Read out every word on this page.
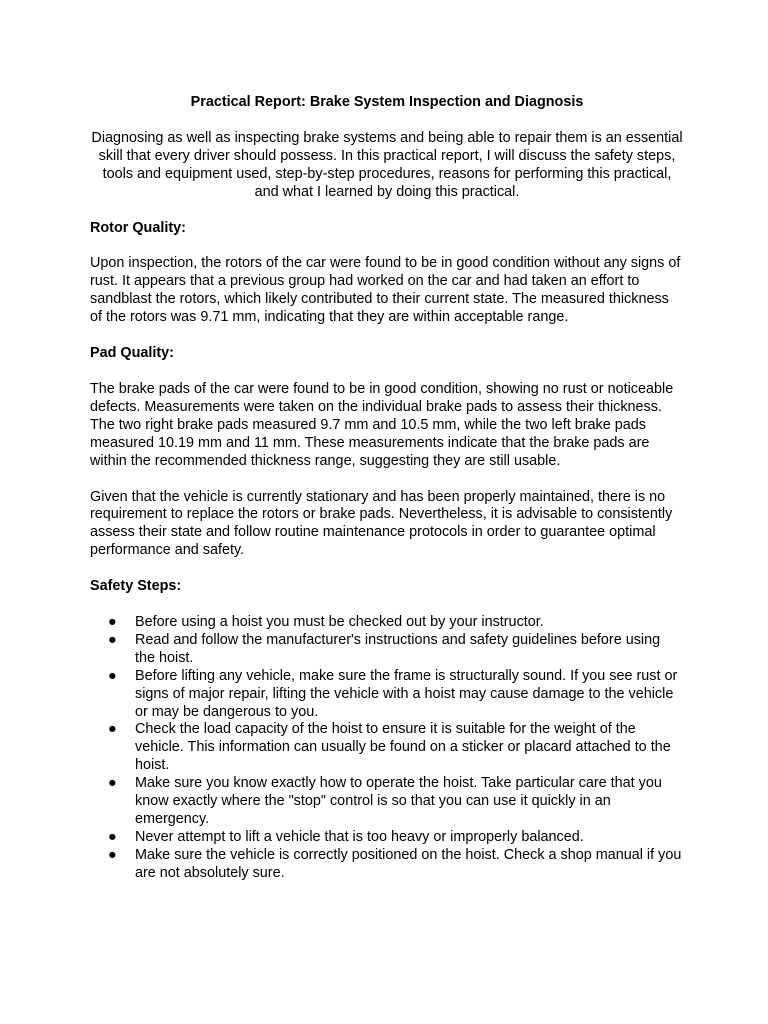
Practical Report: Brake System Inspection and Diagnosis
Diagnosing as well as inspecting brake systems and being able to repair them is an essential skill that every driver should possess. In this practical report, I will discuss the safety steps, tools and equipment used, step-by-step procedures, reasons for performing this practical, and what I learned by doing this practical.
Rotor Quality:
Upon inspection, the rotors of the car were found to be in good condition without any signs of rust. It appears that a previous group had worked on the car and had taken an effort to sandblast the rotors, which likely contributed to their current state. The measured thickness of the rotors was 9.71 mm, indicating that they are within acceptable range.
Pad Quality:
The brake pads of the car were found to be in good condition, showing no rust or noticeable defects. Measurements were taken on the individual brake pads to assess their thickness. The two right brake pads measured 9.7 mm and 10.5 mm, while the two left brake pads measured 10.19 mm and 11 mm. These measurements indicate that the brake pads are within the recommended thickness range, suggesting they are still usable.
Given that the vehicle is currently stationary and has been properly maintained, there is no requirement to replace the rotors or brake pads. Nevertheless, it is advisable to consistently assess their state and follow routine maintenance protocols in order to guarantee optimal performance and safety.
Safety Steps:
● Before using a hoist you must be checked out by your instructor.
● Read and follow the manufacturer's instructions and safety guidelines before using the hoist.
● Before lifting any vehicle, make sure the frame is structurally sound. If you see rust or signs of major repair, lifting the vehicle with a hoist may cause damage to the vehicle or may be dangerous to you.
● Check the load capacity of the hoist to ensure it is suitable for the weight of the vehicle. This information can usually be found on a sticker or placard attached to the hoist.
● Make sure you know exactly how to operate the hoist. Take particular care that you know exactly where the "stop" control is so that you can use it quickly in an emergency.
● Never attempt to lift a vehicle that is too heavy or improperly balanced.
● Make sure the vehicle is correctly positioned on the hoist. Check a shop manual if you are not absolutely sure.
